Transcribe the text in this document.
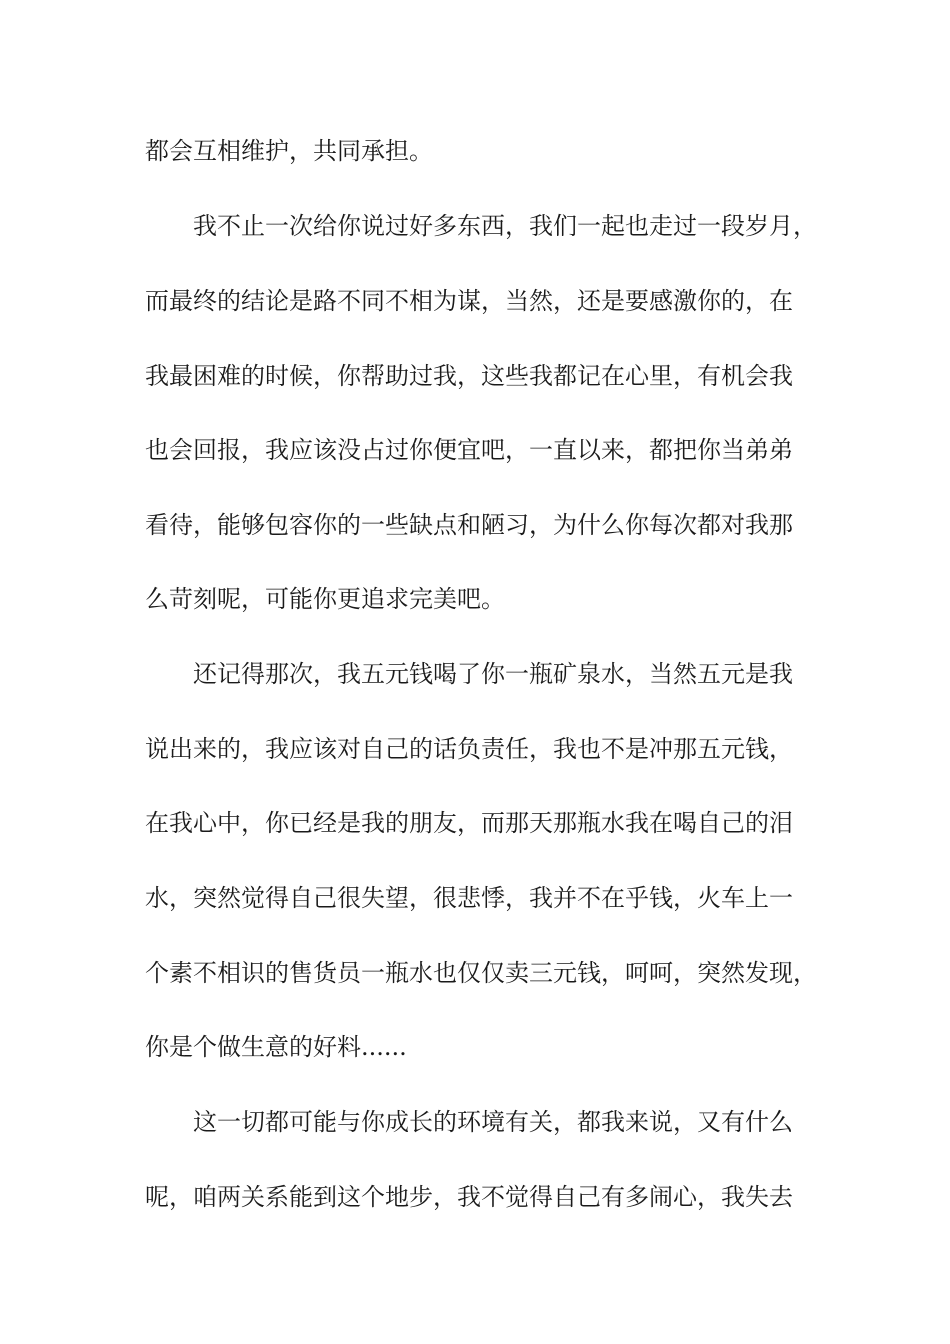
都会互相维护，共同承担。
我不止一次给你说过好多东西，我们一起也走过一段岁月，
而最终的结论是路不同不相为谋，当然，还是要感激你的，在
我最困难的时候，你帮助过我，这些我都记在心里，有机会我
也会回报，我应该没占过你便宜吧，一直以来，都把你当弟弟
看待，能够包容你的一些缺点和陋习，为什么你每次都对我那
么苛刻呢，可能你更追求完美吧。
还记得那次，我五元钱喝了你一瓶矿泉水，当然五元是我
说出来的，我应该对自己的话负责任，我也不是冲那五元钱，
在我心中，你已经是我的朋友，而那天那瓶水我在喝自己的泪
水，突然觉得自己很失望，很悲悸，我并不在乎钱，火车上一
个素不相识的售货员一瓶水也仅仅卖三元钱，呵呵，突然发现，
你是个做生意的好料......
这一切都可能与你成长的环境有关，都我来说，又有什么
呢，咱两关系能到这个地步，我不觉得自己有多闹心，我失去
